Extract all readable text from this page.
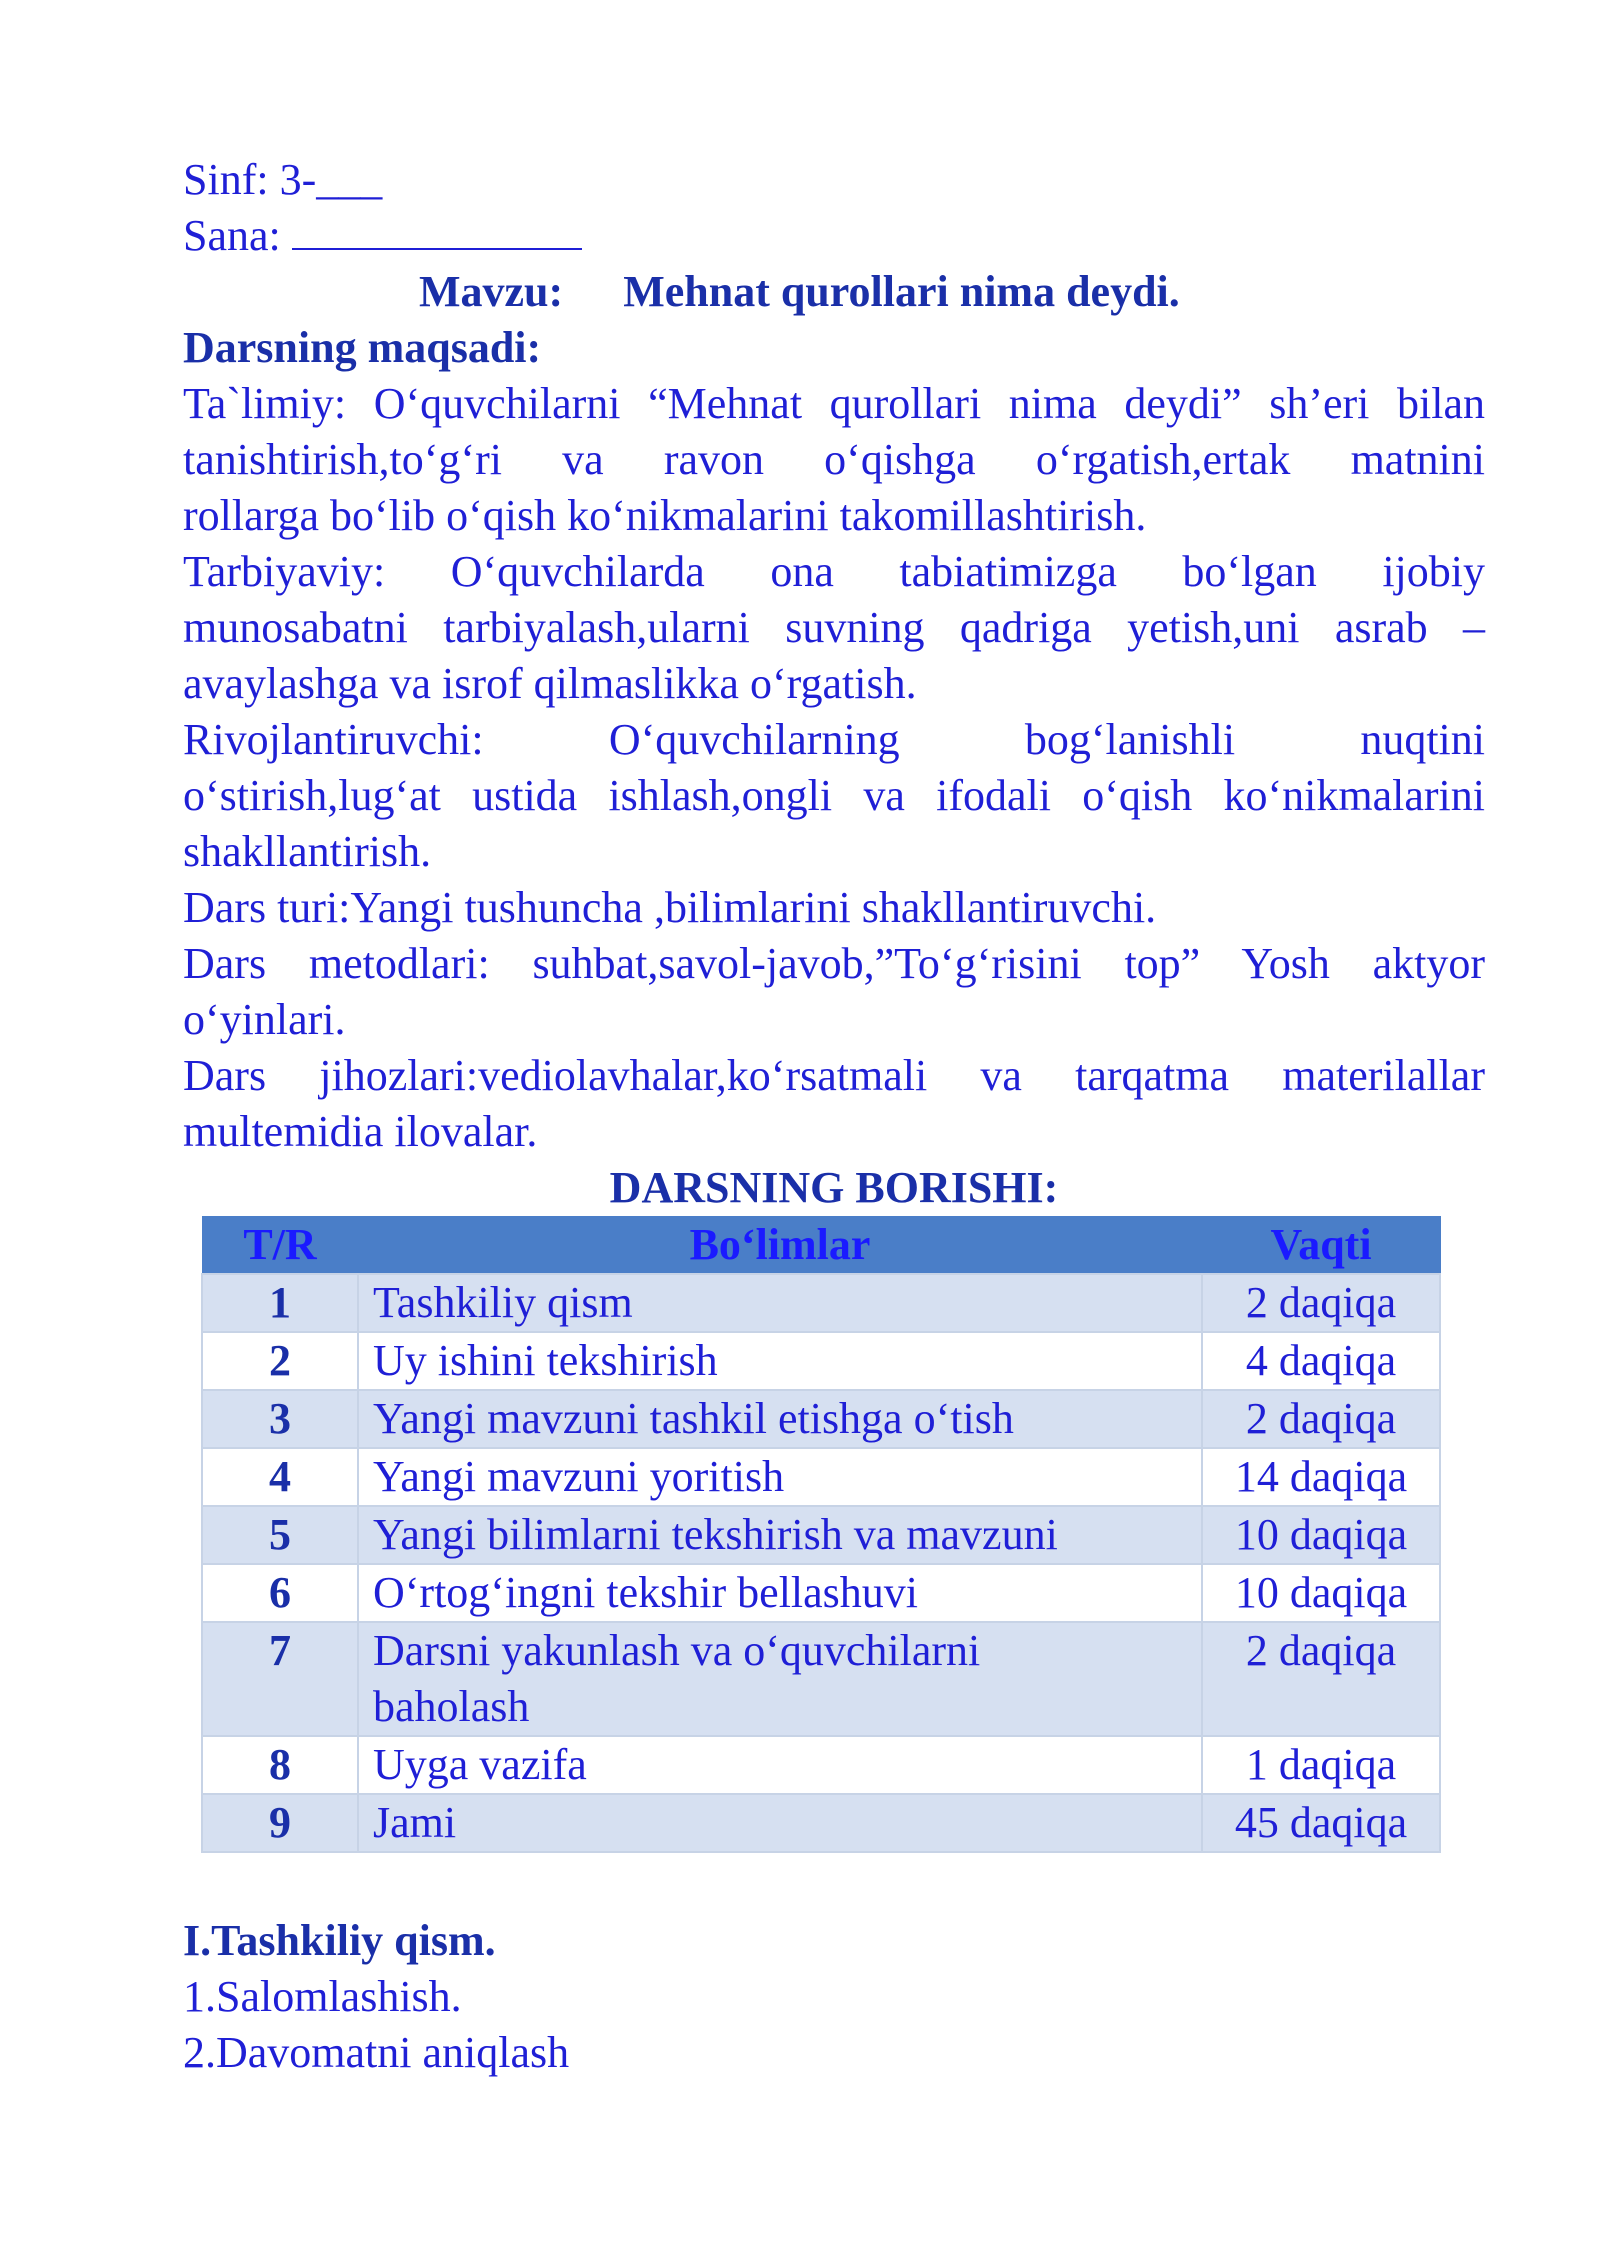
Sinf: 3-___
Sana:
Mavzu: Mehnat qurollari nima deydi.
Darsning maqsadi:
Ta`limiy: O‘quvchilarni “Mehnat qurollari nima deydi” sh’eri bilan
tanishtirish,to‘g‘ri va ravon o‘qishga o‘rgatish,ertak matnini
rollarga bo‘lib o‘qish ko‘nikmalarini takomillashtirish.
Tarbiyaviy: O‘quvchilarda ona tabiatimizga bo‘lgan ijobiy
munosabatni tarbiyalash,ularni suvning qadriga yetish,uni asrab –
avaylashga va isrof qilmaslikka o‘rgatish.
Rivojlantiruvchi: O‘quvchilarning bog‘lanishli nuqtini
o‘stirish,lug‘at ustida ishlash,ongli va ifodali o‘qish ko‘nikmalarini
shakllantirish.
Dars turi:Yangi tushuncha ,bilimlarini shakllantiruvchi.
Dars metodlari: suhbat,savol-javob,”To‘g‘risini top” Yosh aktyor
o‘yinlari.
Dars jihozlari:vediolavhalar,ko‘rsatmali va tarqatma materilallar
multemidia ilovalar.
DARSNING BORISHI:
T/R	Bo‘limlar	Vaqti
1	Tashkiliy qism	2 daqiqa
2	Uy ishini tekshirish	4 daqiqa
3	Yangi mavzuni tashkil etishga o‘tish	2 daqiqa
4	Yangi mavzuni yoritish	14 daqiqa
5	Yangi bilimlarni tekshirish va mavzuni	10 daqiqa
6	O‘rtog‘ingni tekshir bellashuvi	10 daqiqa
7	Darsni yakunlash va o‘quvchilarni baholash	2 daqiqa
8	Uyga vazifa	1 daqiqa
9	Jami	45 daqiqa
I.Tashkiliy qism.
1.Salomlashish.
2.Davomatni aniqlash
